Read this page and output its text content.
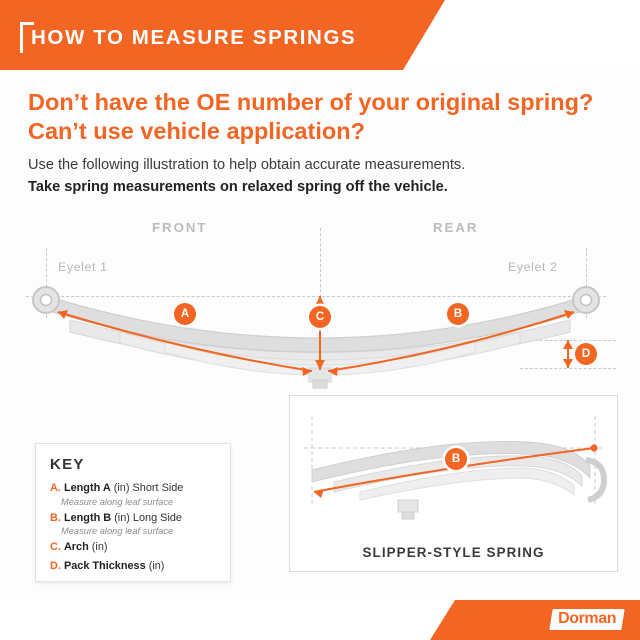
HOW TO MEASURE SPRINGS
Don’t have the OE number of your original spring? Can’t use vehicle application?
Use the following illustration to help obtain accurate measurements.
Take spring measurements on relaxed spring off the vehicle.
FRONT	REAR
Eyelet 1	Eyelet 2
A	B
C
D
B
SLIPPER-STYLE SPRING
KEY
A. Length A (in) Short Side
Measure along leaf surface
B. Length B (in) Long Side
Measure along leaf surface
C. Arch (in)
D. Pack Thickness (in)
Dorman
